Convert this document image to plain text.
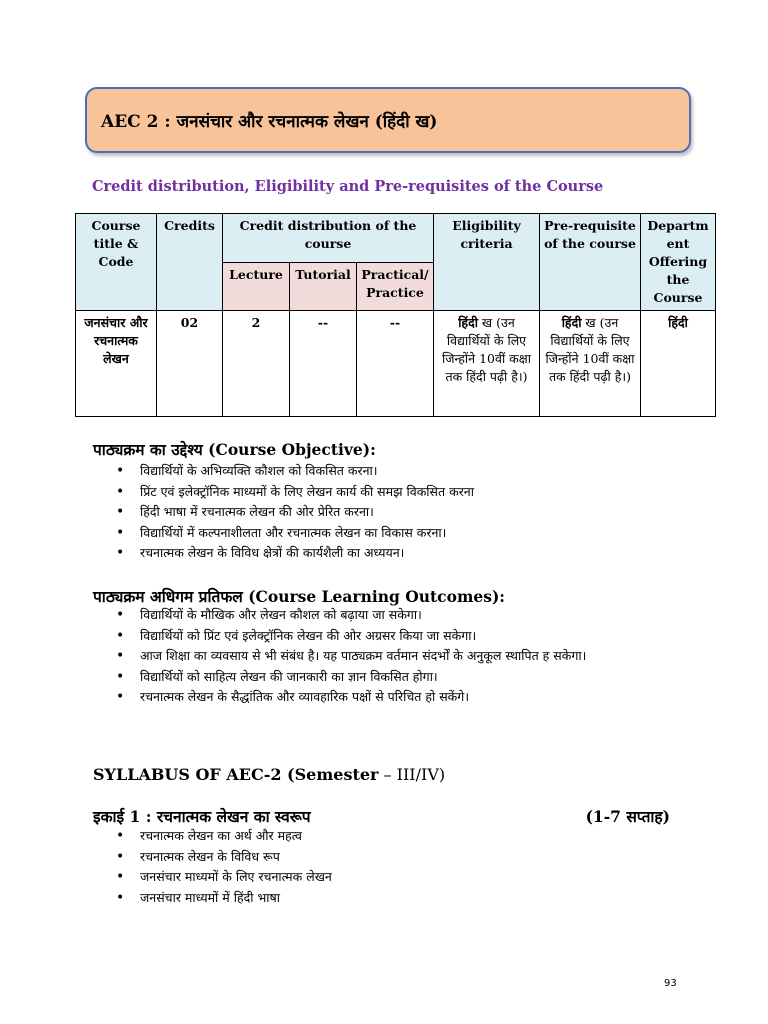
AEC 2 : जनसंचार और रचनात्मक लेखन (हिंदी ख)
Credit distribution, Eligibility and Pre-requisites of the Course
Course title & Code	Credits	Credit distribution of the course			Eligibility criteria	Pre-requisite of the course	Departm ent Offering the Course
		Lecture	Tutorial	Practical/ Practice			
जनसंचार और रचनात्मक लेखन	02	2	--	--	हिंदी ख (उन विद्यार्थियों के लिए जिन्होंने 10वीं कक्षा तक हिंदी पढ़ी है।)	हिंदी ख (उन विद्यार्थियों के लिए जिन्होंने 10वीं कक्षा तक हिंदी पढ़ी है।)	हिंदी
पाठ्यक्रम का उद्देश्य (Course Objective):
• विद्यार्थियों के अभिव्यक्ति कौशल को विकसित करना।
• प्रिंट एवं इलेक्ट्रॉनिक माध्यमों के लिए लेखन कार्य की समझ विकसित करना
• हिंदी भाषा में रचनात्मक लेखन की ओर प्रेरित करना।
• विद्यार्थियों में कल्पनाशीलता और रचनात्मक लेखन का विकास करना।
• रचनात्मक लेखन के विविध क्षेत्रों की कार्यशैली का अध्ययन।
पाठ्यक्रम अधिगम प्रतिफल (Course Learning Outcomes):
• विद्यार्थियों के मौखिक और लेखन कौशल को बढ़ाया जा सकेगा।
• विद्यार्थियों को प्रिंट एवं इलेक्ट्रॉनिक लेखन की ओर अग्रसर किया जा सकेगा।
• आज शिक्षा का व्यवसाय से भी संबंध है। यह पाठ्यक्रम वर्तमान संदर्भों के अनुकूल स्थापित ह सकेगा।
• विद्यार्थियों को साहित्य लेखन की जानकारी का ज्ञान विकसित होगा।
• रचनात्मक लेखन के सैद्धांतिक और व्यावहारिक पक्षों से परिचित हो सकेंगे।
SYLLABUS OF AEC-2 (Semester – III/IV)
इकाई 1 : रचनात्मक लेखन का स्वरूप	(1-7 सप्ताह)
• रचनात्मक लेखन का अर्थ और महत्व
• रचनात्मक लेखन के विविध रूप
• जनसंचार माध्यमों के लिए रचनात्मक लेखन
• जनसंचार माध्यमों में हिंदी भाषा
93
